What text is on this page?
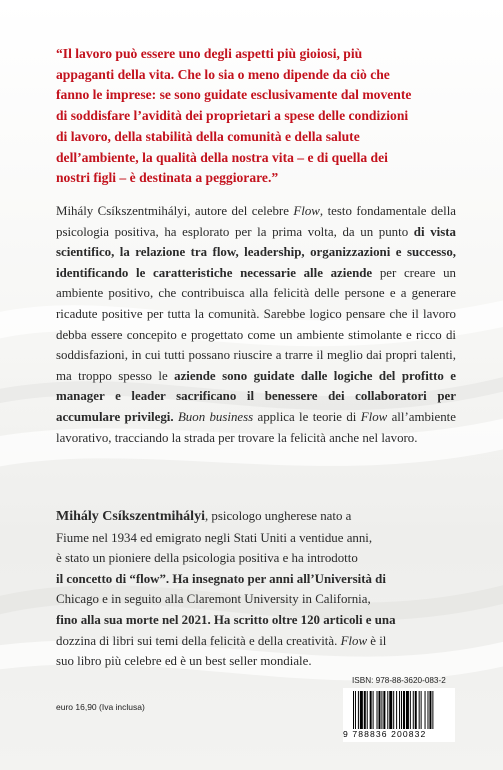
“Il lavoro può essere uno degli aspetti più gioiosi, più
appaganti della vita. Che lo sia o meno dipende da ciò che
fanno le imprese: se sono guidate esclusivamente dal movente
di soddisfare l’avidità dei proprietari a spese delle condizioni
di lavoro, della stabilità della comunità e della salute
dell’ambiente, la qualità della nostra vita – e di quella dei
nostri figli – è destinata a peggiorare.”
Mihály Csíkszentmihályi, autore del celebre Flow, testo fondamentale della psicologia positiva, ha esplorato per la prima volta, da un punto di vista scientifico, la relazione tra flow, leadership, organizzazioni e successo, identificando le caratteristiche necessarie alle aziende per creare un ambiente positivo, che contribuisca alla felicità delle persone e a generare ricadute positive per tutta la comunità. Sarebbe logico pensare che il lavoro debba essere concepito e progettato come un ambiente stimolante e ricco di soddisfazioni, in cui tutti possano riuscire a trarre il meglio dai propri talenti, ma troppo spesso le aziende sono guidate dalle logiche del profitto e manager e leader sacrificano il benessere dei collaboratori per accumulare privilegi. Buon business applica le teorie di Flow all’ambiente lavorativo, tracciando la strada per trovare la felicità anche nel lavoro.
Mihály Csíkszentmihályi, psicologo ungherese nato a
Fiume nel 1934 ed emigrato negli Stati Uniti a ventidue anni,
è stato un pioniere della psicologia positiva e ha introdotto
il concetto di “flow”. Ha insegnato per anni all’Università di
Chicago e in seguito alla Claremont University in California,
fino alla sua morte nel 2021. Ha scritto oltre 120 articoli e una
dozzina di libri sui temi della felicità e della creatività. Flow è il
suo libro più celebre ed è un best seller mondiale.
euro 16,90 (Iva inclusa)
ISBN: 978-88-3620-083-2
9 788836 200832
